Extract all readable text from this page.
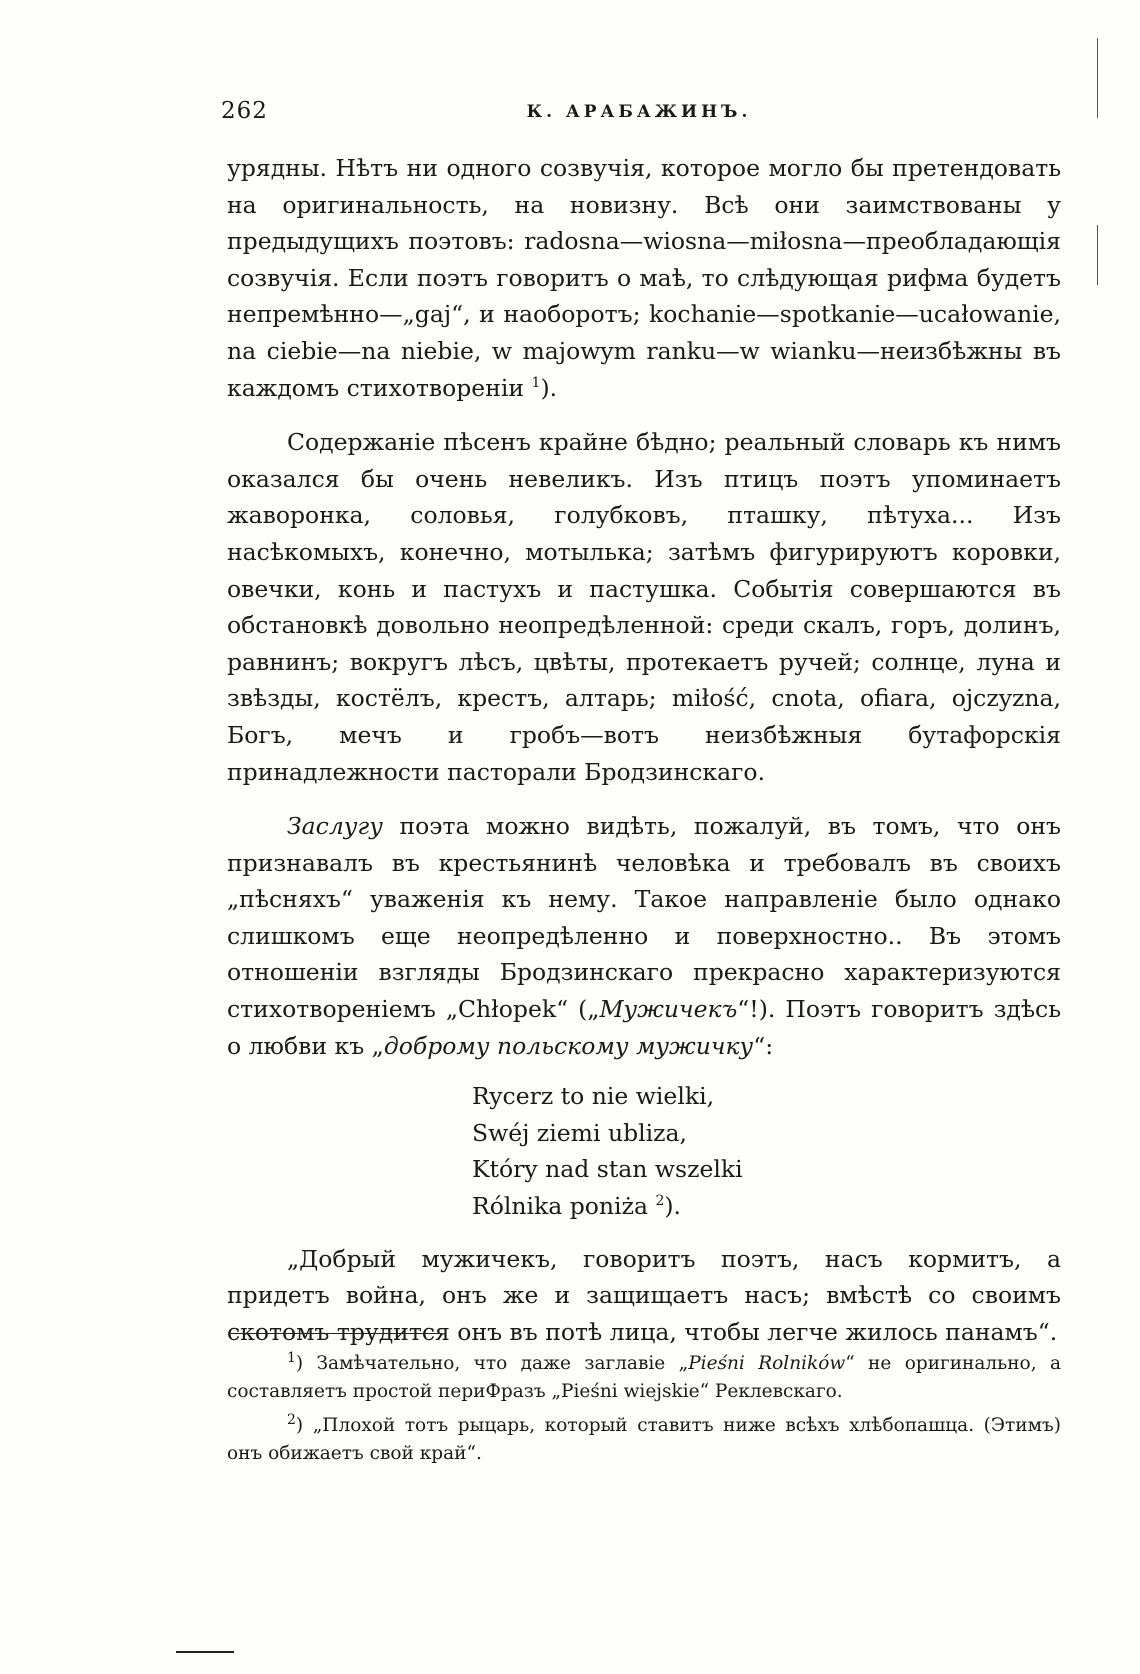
262	К. АРАБАЖИНЪ.

урядны. Нѣтъ ни одного созвучія, которое могло бы претендовать на оригинальность, на новизну. Всѣ они заимствованы у предыдущихъ поэтовъ: radosna—wiosna—miłosna—преобладающія созвучія. Если поэтъ говоритъ о маѣ, то слѣдующая рифма будетъ непремѣнно—„gaj“, и наоборотъ; kochanie—spotkanie—ucałowanie, na ciebie—na niebie, w majowym ranku—w wianku—неизбѣжны въ каждомъ стихотвореніи $^1$).

Содержаніе пѣсенъ крайне бѣдно; реальный словарь къ нимъ оказался бы очень невеликъ. Изъ птицъ поэтъ упоминаетъ жаворонка, соловья, голубковъ, пташку, пѣтуха... Изъ насѣкомыхъ, конечно, мотылька; затѣмъ фигурируютъ коровки, овечки, конь и пастухъ и пастушка. Событія совершаются въ обстановкѣ довольно неопредѣленной: среди скалъ, горъ, долинъ, равнинъ; вокругъ лѣсъ, цвѣты, протекаетъ ручей; солнце, луна и звѣзды, костёлъ, крестъ, алтарь; miłość, cnota, ofiara, ojczyzna, Богъ, мечъ и гробъ—вотъ неизбѣжныя бутафорскія принадлежности пасторали Бродзинскаго.

Заслугу поэта можно видѣть, пожалуй, въ томъ, что онъ признавалъ въ крестьянинѣ человѣка и требовалъ въ своихъ „пѣсняхъ“ уваженія къ нему. Такое направленіе было однако слишкомъ еще неопредѣленно и поверхностно.. Въ этомъ отношеніи взгляды Бродзинскаго прекрасно характеризуются стихотвореніемъ „Chłopek“ („Мужичекъ“!). Поэтъ говоритъ здѣсь о любви къ „доброму польскому мужичку“:

Rycerz to nie wielki,
Swéj ziemi ubliza,
Który nad stan wszelki
Rólnika poniża $^2$).

„Добрый мужичекъ, говоритъ поэтъ, насъ кормитъ, а придетъ война, онъ же и защищаетъ насъ; вмѣстѣ со своимъ скотомъ трудится онъ въ потѣ лица, чтобы легче жилось панамъ“.

$^1$) Замѣчательно, что даже заглавіе „Pieśni Rolników“ не оригинально, а составляетъ простой периФразъ „Pieśni wiejskie“ Реклевскаго.

$^2$) „Плохой тотъ рыцарь, который ставитъ ниже всѣхъ хлѣбопашца. (Этимъ) онъ обижаетъ свой край“.
